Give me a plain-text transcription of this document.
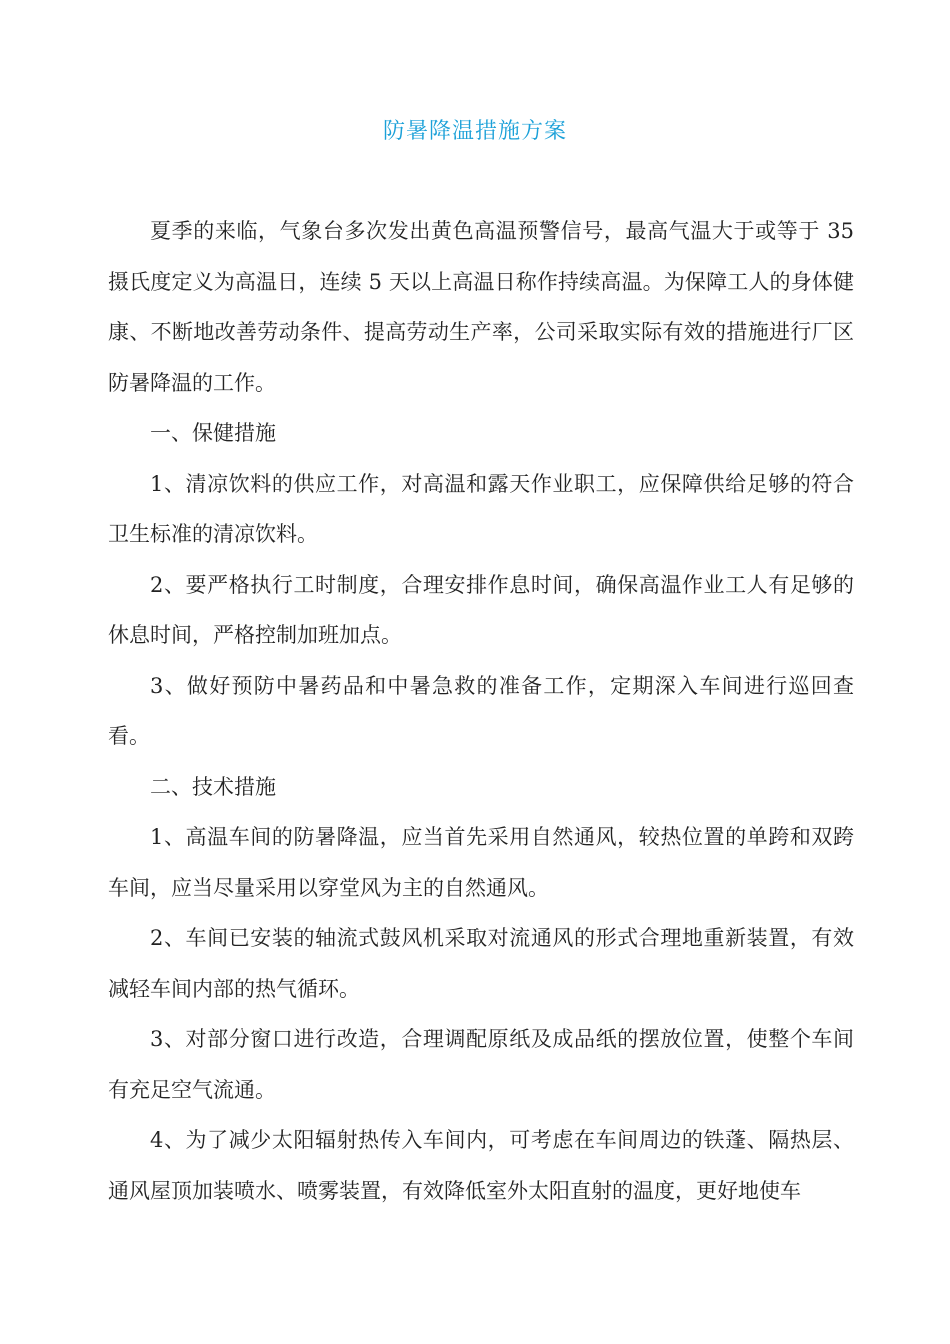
防暑降温措施方案

夏季的来临，气象台多次发出黄色高温预警信号，最高气温大于或等于 35 摄氏度定义为高温日，连续 5 天以上高温日称作持续高温。为保障工人的身体健康、不断地改善劳动条件、提高劳动生产率，公司采取实际有效的措施进行厂区防暑降温的工作。

一、保健措施

1、清凉饮料的供应工作，对高温和露天作业职工，应保障供给足够的符合卫生标准的清凉饮料。

2、要严格执行工时制度，合理安排作息时间，确保高温作业工人有足够的休息时间，严格控制加班加点。

3、做好预防中暑药品和中暑急救的准备工作，定期深入车间进行巡回查看。

二、技术措施

1、高温车间的防暑降温，应当首先采用自然通风，较热位置的单跨和双跨车间，应当尽量采用以穿堂风为主的自然通风。

2、车间已安装的轴流式鼓风机采取对流通风的形式合理地重新装置，有效减轻车间内部的热气循环。

3、对部分窗口进行改造，合理调配原纸及成品纸的摆放位置，使整个车间有充足空气流通。

4、为了减少太阳辐射热传入车间内，可考虑在车间周边的铁蓬、隔热层、通风屋顶加装喷水、喷雾装置，有效降低室外太阳直射的温度，更好地使车
